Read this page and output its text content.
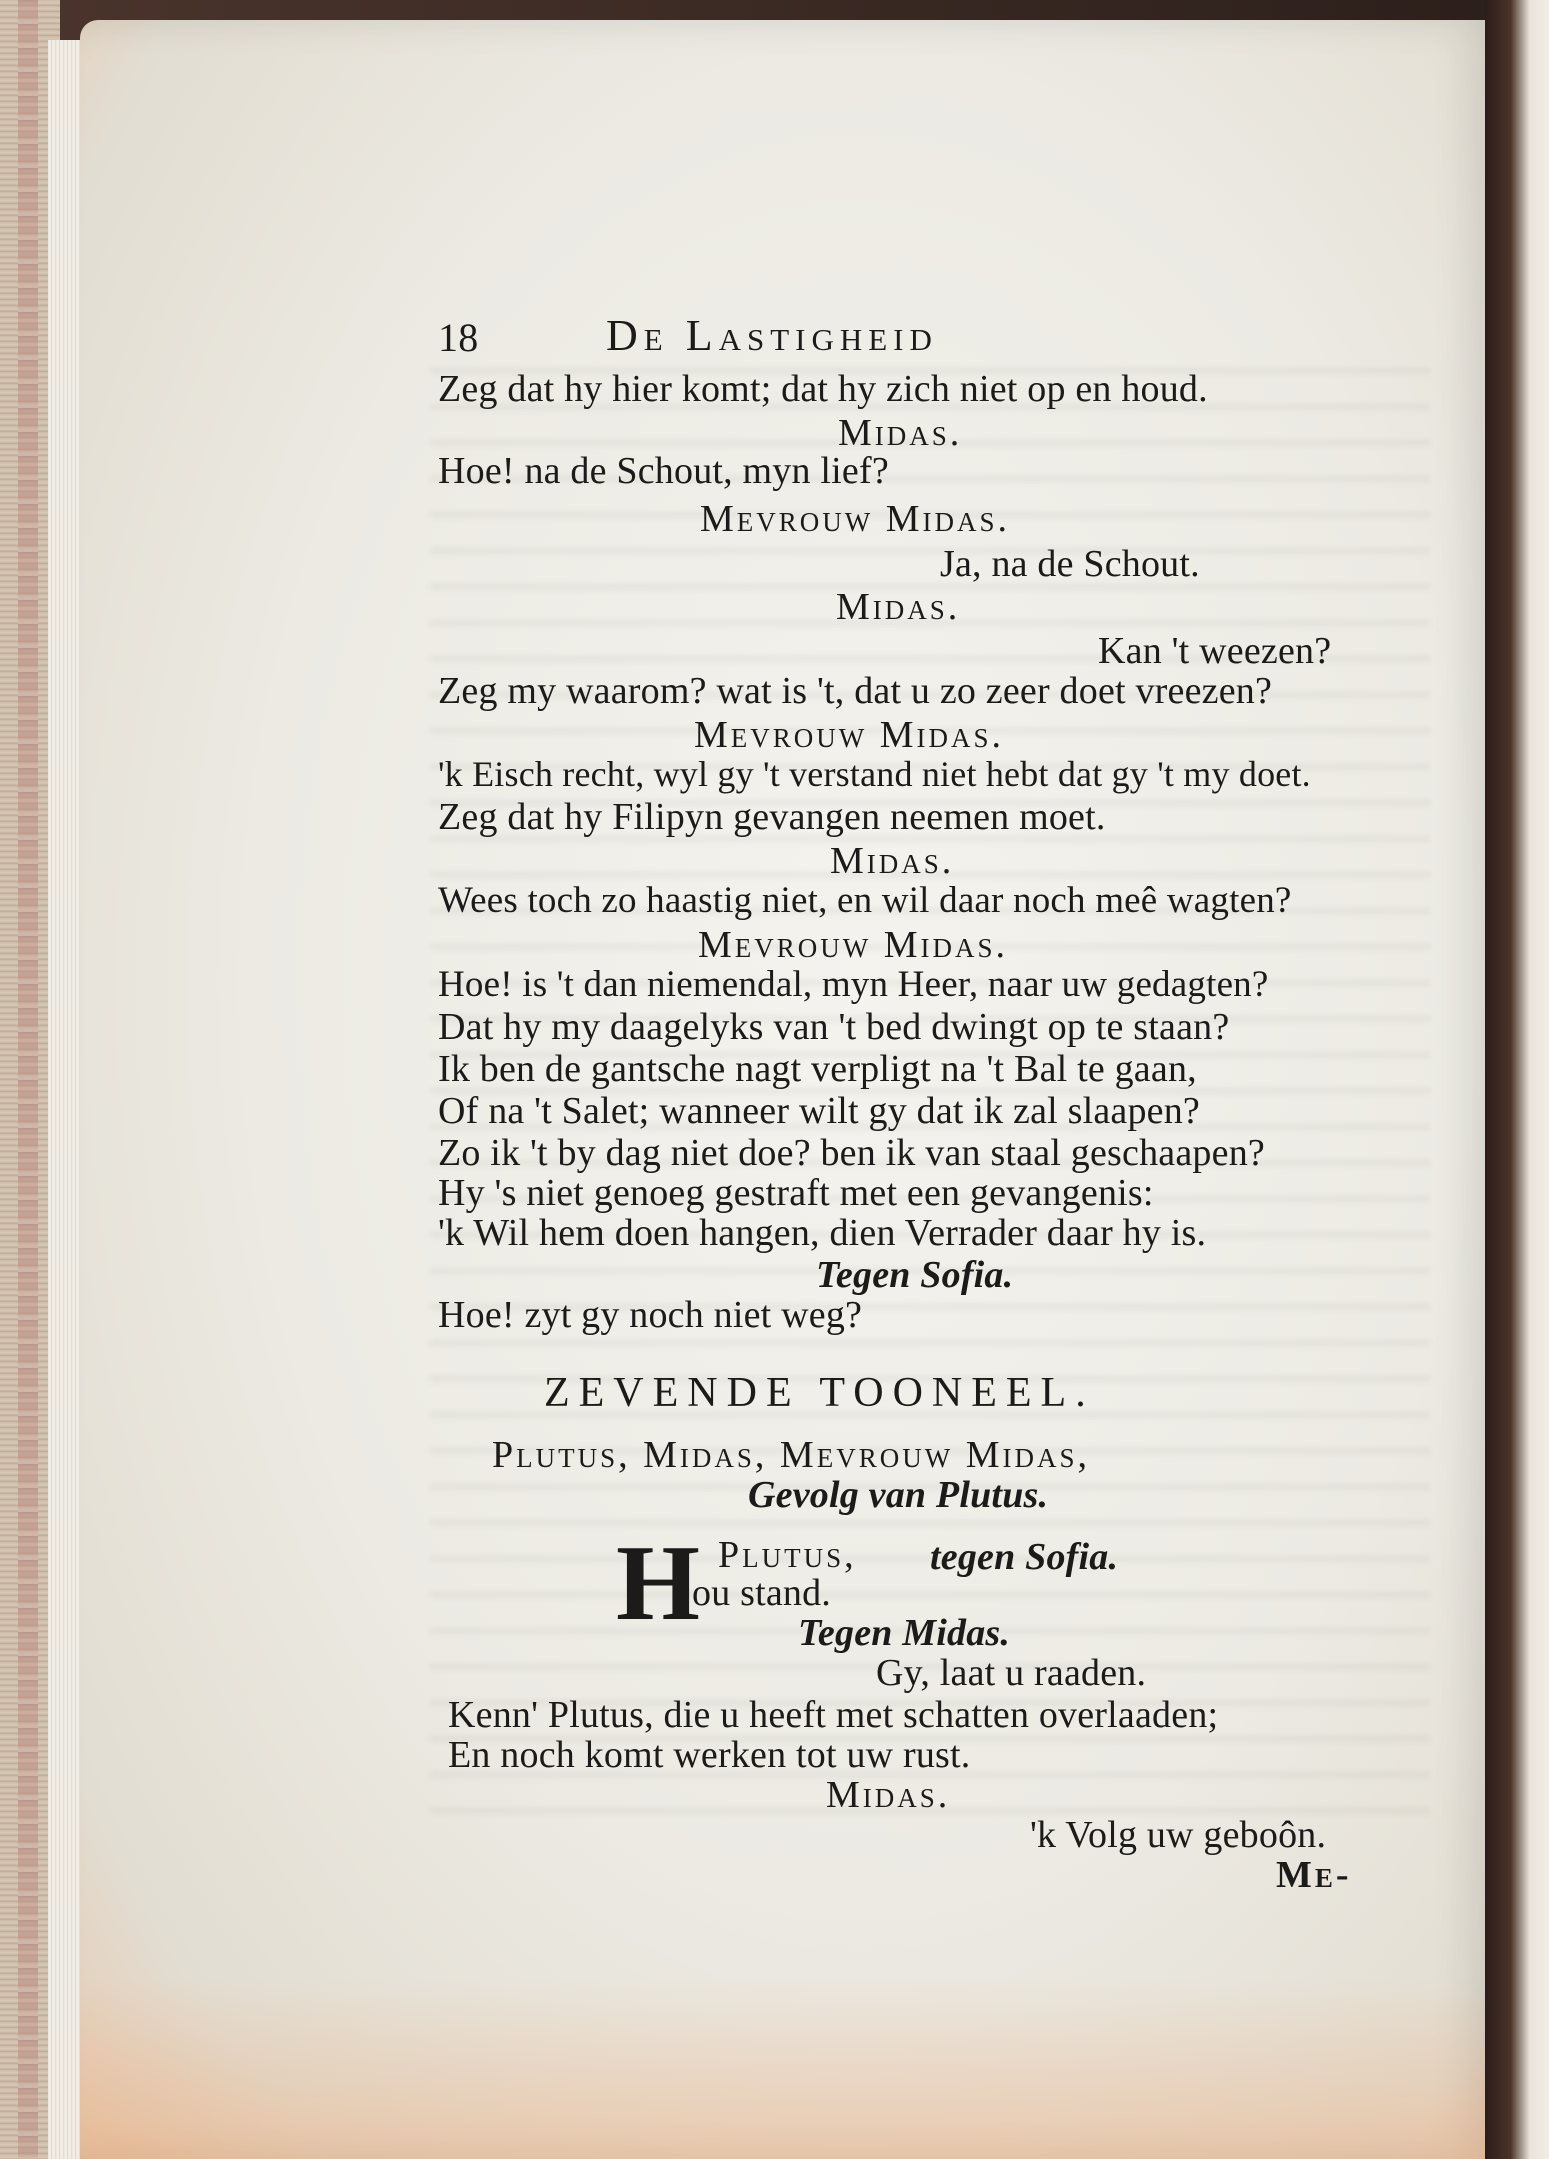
18	De Lastigheid
Zeg dat hy hier komt; dat hy zich niet op en houd.
Midas.
Hoe! na de Schout, myn lief?
Mevrouw Midas.
Ja, na de Schout.
Midas.
Kan 't weezen?
Zeg my waarom? wat is 't, dat u zo zeer doet vreezen?
Mevrouw Midas.
'k Eisch recht, wyl gy 't verstand niet hebt dat gy 't my doet.
Zeg dat hy Filipyn gevangen neemen moet.
Midas.
Wees toch zo haastig niet, en wil daar noch meê wagten?
Mevrouw Midas.
Hoe! is 't dan niemendal, myn Heer, naar uw gedagten?
Dat hy my daagelyks van 't bed dwingt op te staan?
Ik ben de gantsche nagt verpligt na 't Bal te gaan,
Of na 't Salet; wanneer wilt gy dat ik zal slaapen?
Zo ik 't by dag niet doe? ben ik van staal geschaapen?
Hy 's niet genoeg gestraft met een gevangenis:
'k Wil hem doen hangen, dien Verrader daar hy is.
Tegen Sofia.
Hoe! zyt gy noch niet weg?
ZEVENDE TOONEEL.
Plutus, Midas, Mevrouw Midas,
Gevolg van Plutus.
H Plutus, tegen Sofia.
ou stand.
Tegen Midas.
Gy, laat u raaden.
Kenn' Plutus, die u heeft met schatten overlaaden;
En noch komt werken tot uw rust.
Midas.
'k Volg uw geboôn.
Me-
